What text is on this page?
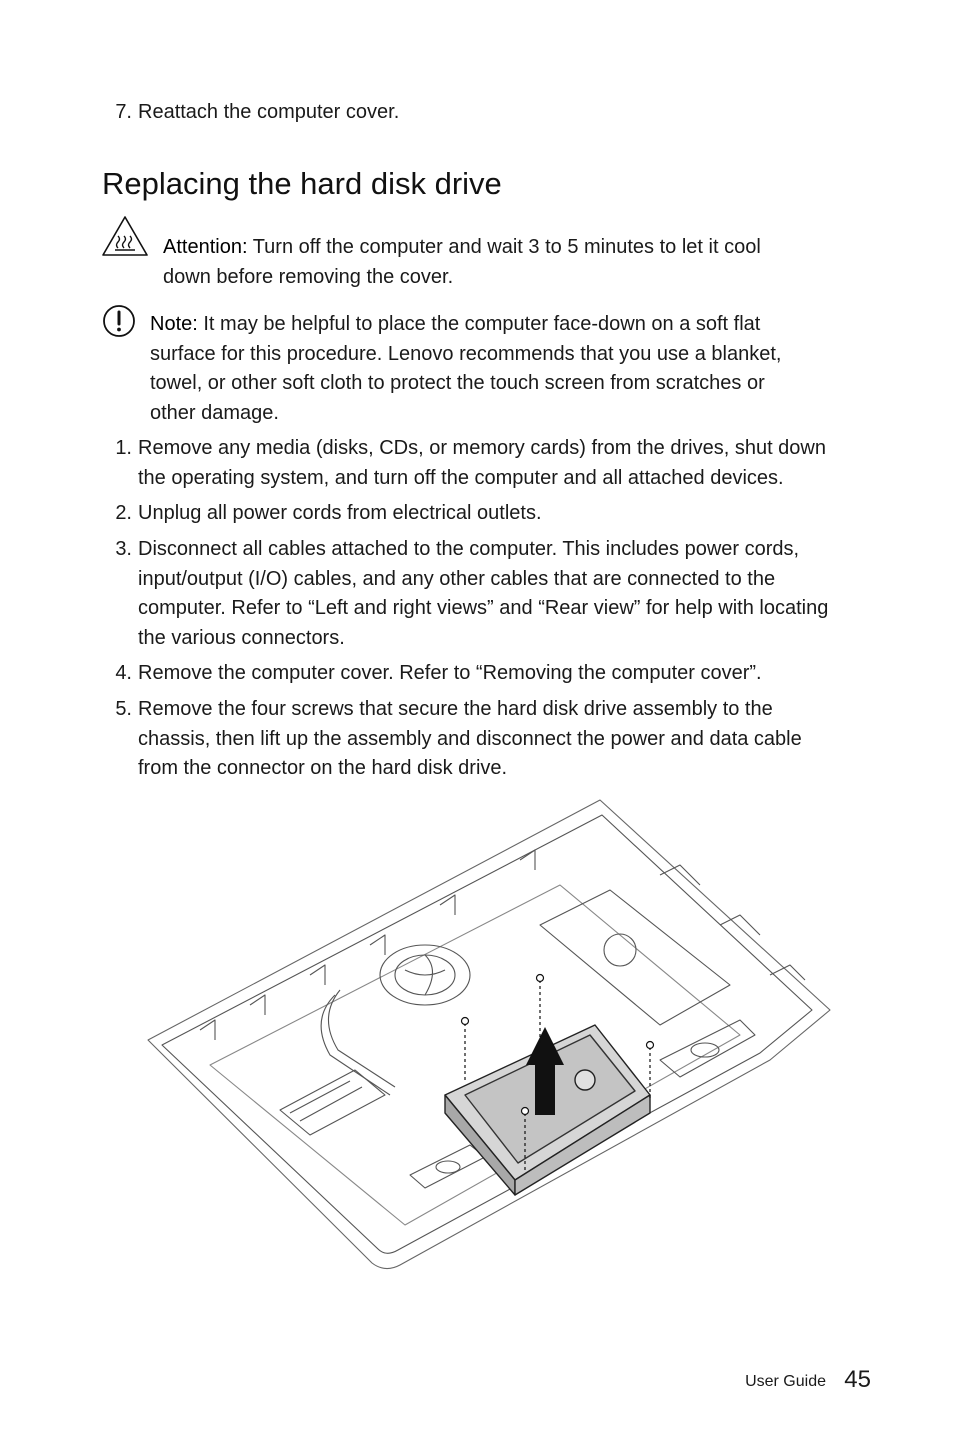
7. Reattach the computer cover.
Replacing the hard disk drive
Attention: Turn off the computer and wait 3 to 5 minutes to let it cool
down before removing the cover.
Note: It may be helpful to place the computer face-down on a soft flat
surface for this procedure. Lenovo recommends that you use a blanket,
towel, or other soft cloth to protect the touch screen from scratches or
other damage.
1. Remove any media (disks, CDs, or memory cards) from the drives, shut down
the operating system, and turn off the computer and all attached devices.
2. Unplug all power cords from electrical outlets.
3. Disconnect all cables attached to the computer. This includes power cords,
input/output (I/O) cables, and any other cables that are connected to the
computer. Refer to “Left and right views” and “Rear view” for help with locating
the various connectors.
4. Remove the computer cover. Refer to “Removing the computer cover”.
5. Remove the four screws that secure the hard disk drive assembly to the
chassis, then lift up the assembly and disconnect the power and data cable
from the connector on the hard disk drive.
User Guide 45
